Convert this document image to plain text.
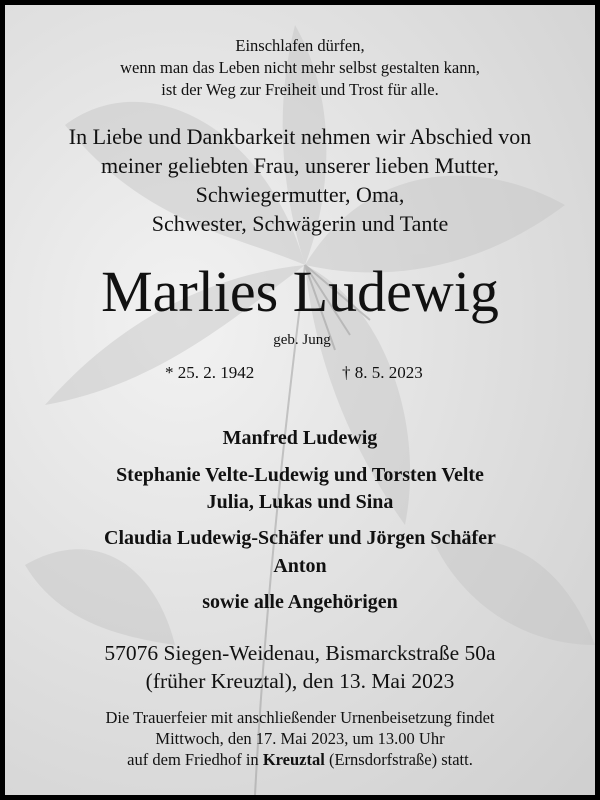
Einschlafen dürfen,
wenn man das Leben nicht mehr selbst gestalten kann,
ist der Weg zur Freiheit und Trost für alle.
In Liebe und Dankbarkeit nehmen wir Abschied von
meiner geliebten Frau, unserer lieben Mutter,
Schwiegermutter, Oma,
Schwester, Schwägerin und Tante
Marlies Ludewig
geb. Jung
* 25. 2. 1942	† 8. 5. 2023
Manfred Ludewig
Stephanie Velte-Ludewig und Torsten Velte
Julia, Lukas und Sina
Claudia Ludewig-Schäfer und Jörgen Schäfer
Anton
sowie alle Angehörigen
57076 Siegen-Weidenau, Bismarckstraße 50a
(früher Kreuztal), den 13. Mai 2023
Die Trauerfeier mit anschließender Urnenbeisetzung findet
Mittwoch, den 17. Mai 2023, um 13.00 Uhr
auf dem Friedhof in Kreuztal (Ernsdorfstraße) statt.
